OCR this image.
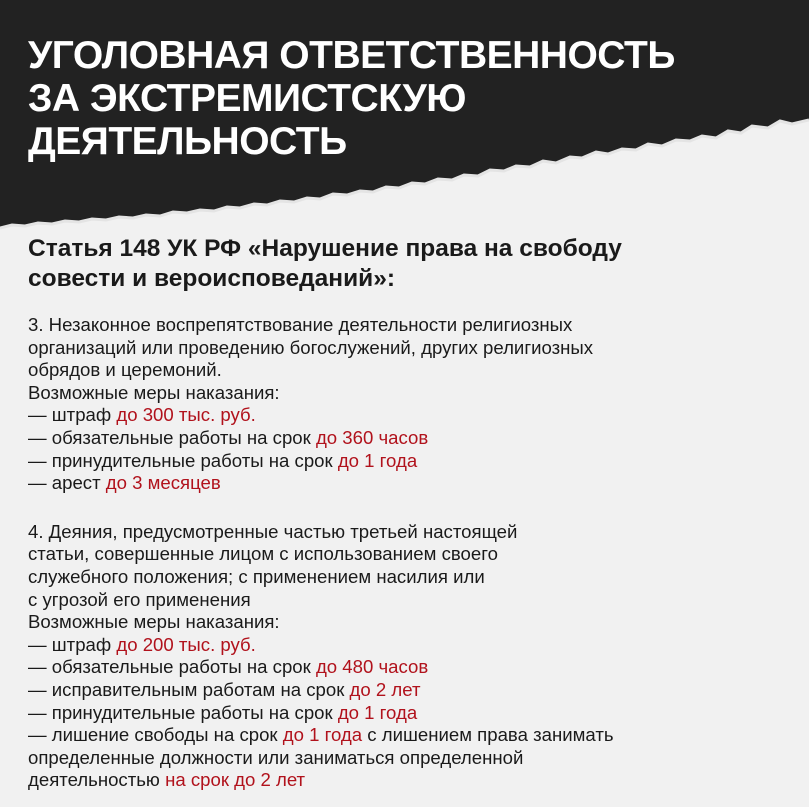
УГОЛОВНАЯ ОТВЕТСТВЕННОСТЬ
ЗА ЭКСТРЕМИСТСКУЮ
ДЕЯТЕЛЬНОСТЬ
Статья 148 УК РФ «Нарушение права на свободу
совести и вероисповеданий»:
3. Незаконное воспрепятствование деятельности религиозных
организаций или проведению богослужений, других религиозных
обрядов и церемоний.
Возможные меры наказания:
— штраф до 300 тыс. руб.
— обязательные работы на срок до 360 часов
— принудительные работы на срок до 1 года
— арест до 3 месяцев
4. Деяния, предусмотренные частью третьей настоящей
статьи, совершенные лицом с использованием своего
служебного положения; с применением насилия или
с угрозой его применения
Возможные меры наказания:
— штраф до 200 тыс. руб.
— обязательные работы на срок до 480 часов
— исправительным работам на срок до 2 лет
— принудительные работы на срок до 1 года
— лишение свободы на срок до 1 года с лишением права занимать
определенные должности или заниматься определенной
деятельностью на срок до 2 лет
